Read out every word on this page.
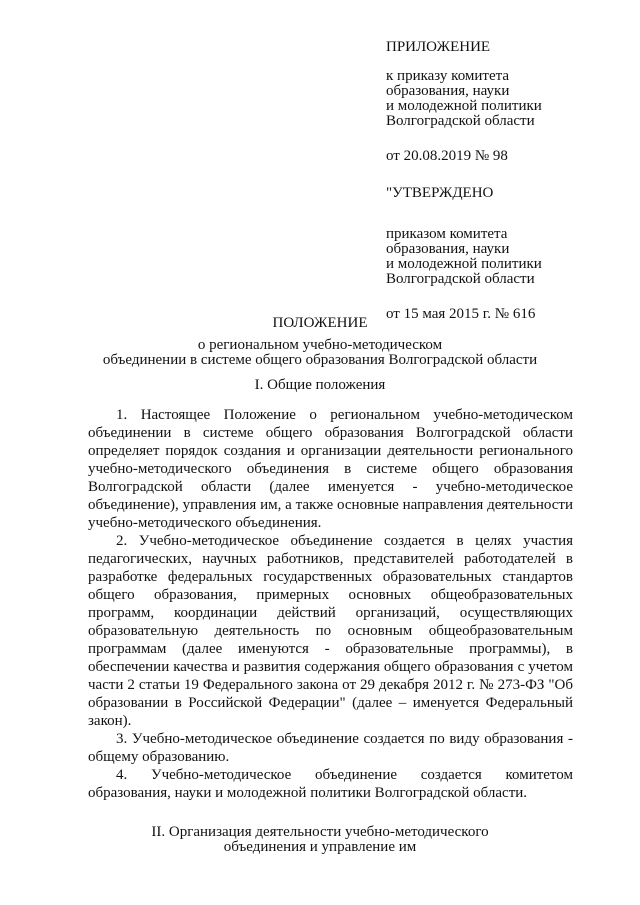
ПРИЛОЖЕНИЕ
к приказу комитета
образования, науки
и молодежной политики
Волгоградской области
от 20.08.2019 № 98
"УТВЕРЖДЕНО
приказом комитета
образования, науки
и молодежной политики
Волгоградской области
от 15 мая 2015 г. № 616
ПОЛОЖЕНИЕ
о региональном учебно-методическом
объединении в системе общего образования Волгоградской области
I. Общие положения

1. Настоящее Положение о региональном учебно-методическом объединении в системе общего образования Волгоградской области определяет порядок создания и организации деятельности регионального учебно-методического объединения в системе общего образования Волгоградской области (далее именуется - учебно-методическое объединение), управления им, а также основные направления деятельности учебно-методического объединения.

2. Учебно-методическое объединение создается в целях участия педагогических, научных работников, представителей работодателей в разработке федеральных государственных образовательных стандартов общего образования, примерных основных общеобразовательных программ, координации действий организаций, осуществляющих образовательную деятельность по основным общеобразовательным программам (далее именуются - образовательные программы), в обеспечении качества и развития содержания общего образования с учетом части 2 статьи 19 Федерального закона от 29 декабря 2012 г. № 273-ФЗ "Об образовании в Российской Федерации" (далее – именуется Федеральный закон).

3. Учебно-методическое объединение создается по виду образования - общему образованию.

4. Учебно-методическое объединение создается комитетом образования, науки и молодежной политики Волгоградской области.

II. Организация деятельности учебно-методического
объединения и управление им
